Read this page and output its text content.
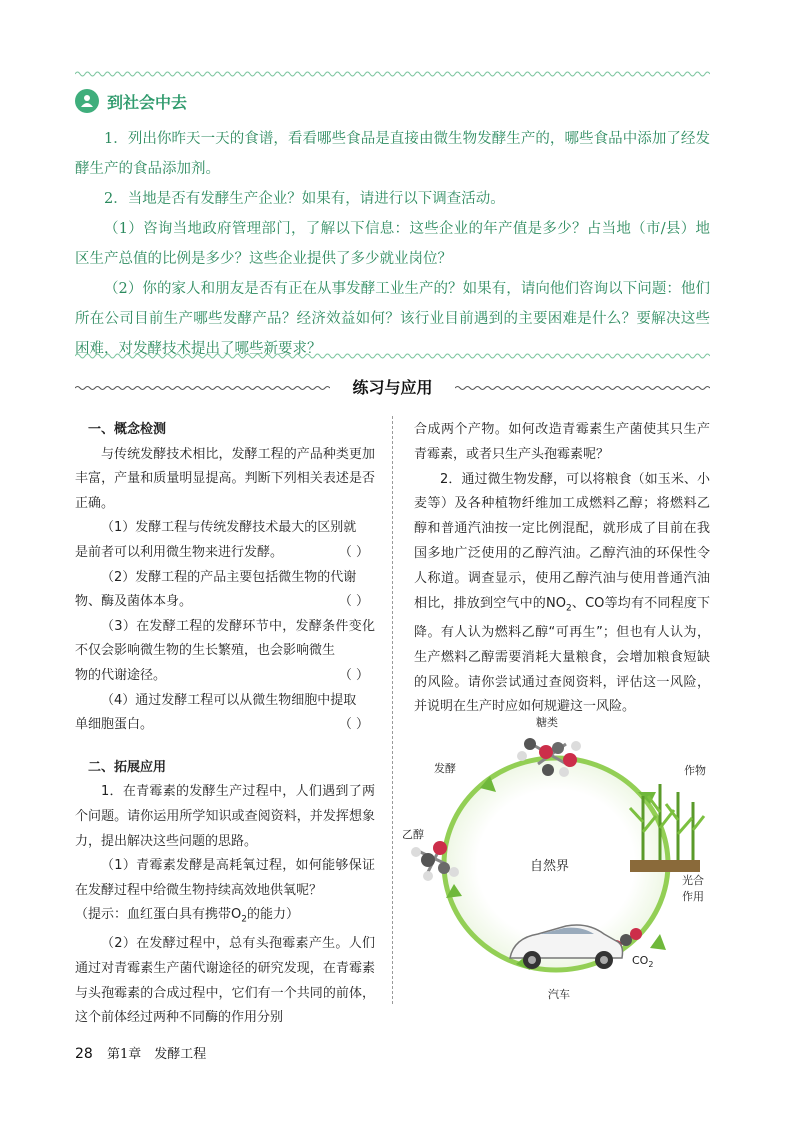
到社会中去

1．列出你昨天一天的食谱，看看哪些食品是直接由微生物发酵生产的，哪些食品中添加了经发酵生产的食品添加剂。

2．当地是否有发酵生产企业？如果有，请进行以下调查活动。

（1）咨询当地政府管理部门，了解以下信息：这些企业的年产值是多少？占当地（市/县）地区生产总值的比例是多少？这些企业提供了多少就业岗位？

（2）你的家人和朋友是否有正在从事发酵工业生产的？如果有，请向他们咨询以下问题：他们所在公司目前生产哪些发酵产品？经济效益如何？该行业目前遇到的主要困难是什么？要解决这些困难，对发酵技术提出了哪些新要求？

练习与应用

一、概念检测

与传统发酵技术相比，发酵工程的产品种类更加丰富，产量和质量明显提高。判断下列相关表述是否正确。

（1）发酵工程与传统发酵技术最大的区别就

是前者可以利用微生物来进行发酵。	（ ）

（2）发酵工程的产品主要包括微生物的代谢

物、酶及菌体本身。	（ ）

（3）在发酵工程的发酵环节中，发酵条件变化不仅会影响微生物的生长繁殖，也会影响微生

物的代谢途径。	（ ）

（4）通过发酵工程可以从微生物细胞中提取

单细胞蛋白。	（ ）

二、拓展应用

1．在青霉素的发酵生产过程中，人们遇到了两个问题。请你运用所学知识或查阅资料，并发挥想象力，提出解决这些问题的思路。

（1）青霉素发酵是高耗氧过程，如何能够保证在发酵过程中给微生物持续高效地供氧呢？

（提示：血红蛋白具有携带$O_2$的能力）

（2）在发酵过程中，总有头孢霉素产生。人们通过对青霉素生产菌代谢途径的研究发现，在青霉素与头孢霉素的合成过程中，它们有一个共同的前体，这个前体经过两种不同酶的作用分别

合成两个产物。如何改造青霉素生产菌使其只生产青霉素，或者只生产头孢霉素呢？

2．通过微生物发酵，可以将粮食（如玉米、小麦等）及各种植物纤维加工成燃料乙醇；将燃料乙醇和普通汽油按一定比例混配，就形成了目前在我国多地广泛使用的乙醇汽油。乙醇汽油的环保性令人称道。调查显示，使用乙醇汽油与使用普通汽油相比，排放到空气中的$NO_2$、CO等均有不同程度下降。有人认为燃料乙醇“可再生”；但也有人认为，生产燃料乙醇需要消耗大量粮食，会增加粮食短缺的风险。请你尝试通过查阅资料，评估这一风险，并说明在生产时应如何规避这一风险。

糖类
作物
发酵
乙醇
自然界
光合
作用
$CO_2$
汽车
28 第1章　发酵工程
